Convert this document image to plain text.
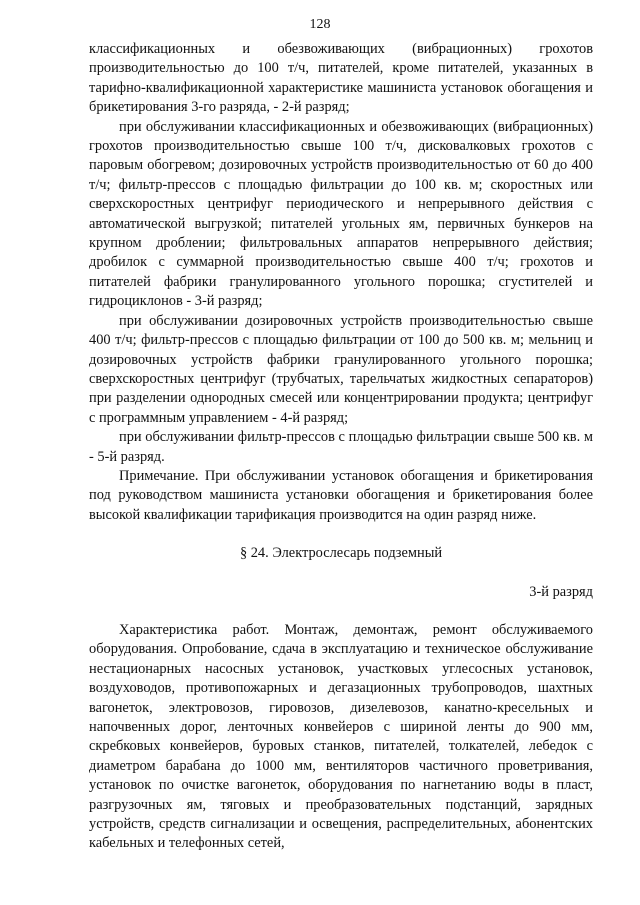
128

классификационных и обезвоживающих (вибрационных) грохотов производительностью до 100 т/ч, питателей, кроме питателей, указанных в тарифно-квалификационной характеристике машиниста установок обогащения и брикетирования 3-го разряда, - 2-й разряд;

при обслуживании классификационных и обезвоживающих (вибрационных) грохотов производительностью свыше 100 т/ч, дисковалковых грохотов с паровым обогревом; дозировочных устройств производительностью от 60 до 400 т/ч; фильтр-прессов с площадью фильтрации до 100 кв. м; скоростных или сверхскоростных центрифуг периодического и непрерывного действия с автоматической выгрузкой; питателей угольных ям, первичных бункеров на крупном дроблении; фильтровальных аппаратов непрерывного действия; дробилок с суммарной производительностью свыше 400 т/ч; грохотов и питателей фабрики гранулированного угольного порошка; сгустителей и гидроциклонов - 3-й разряд;

при обслуживании дозировочных устройств производительностью свыше 400 т/ч; фильтр-прессов с площадью фильтрации от 100 до 500 кв. м; мельниц и дозировочных устройств фабрики гранулированного угольного порошка; сверхскоростных центрифуг (трубчатых, тарельчатых жидкостных сепараторов) при разделении однородных смесей или концентрировании продукта; центрифуг с программным управлением - 4-й разряд;

при обслуживании фильтр-прессов с площадью фильтрации свыше 500 кв. м - 5-й разряд.

Примечание. При обслуживании установок обогащения и брикетирования под руководством машиниста установки обогащения и брикетирования более высокой квалификации тарификация производится на один разряд ниже.

§ 24. Электрослесарь подземный

3-й разряд

Характеристика работ. Монтаж, демонтаж, ремонт обслуживаемого оборудования. Опробование, сдача в эксплуатацию и техническое обслуживание нестационарных насосных установок, участковых углесосных установок, воздуховодов, противопожарных и дегазационных трубопроводов, шахтных вагонеток, электровозов, гировозов, дизелевозов, канатно-кресельных и напочвенных дорог, ленточных конвейеров с шириной ленты до 900 мм, скребковых конвейеров, буровых станков, питателей, толкателей, лебедок с диаметром барабана до 1000 мм, вентиляторов частичного проветривания, установок по очистке вагонеток, оборудования по нагнетанию воды в пласт, разгрузочных ям, тяговых и преобразовательных подстанций, зарядных устройств, средств сигнализации и освещения, распределительных, абонентских кабельных и телефонных сетей,
